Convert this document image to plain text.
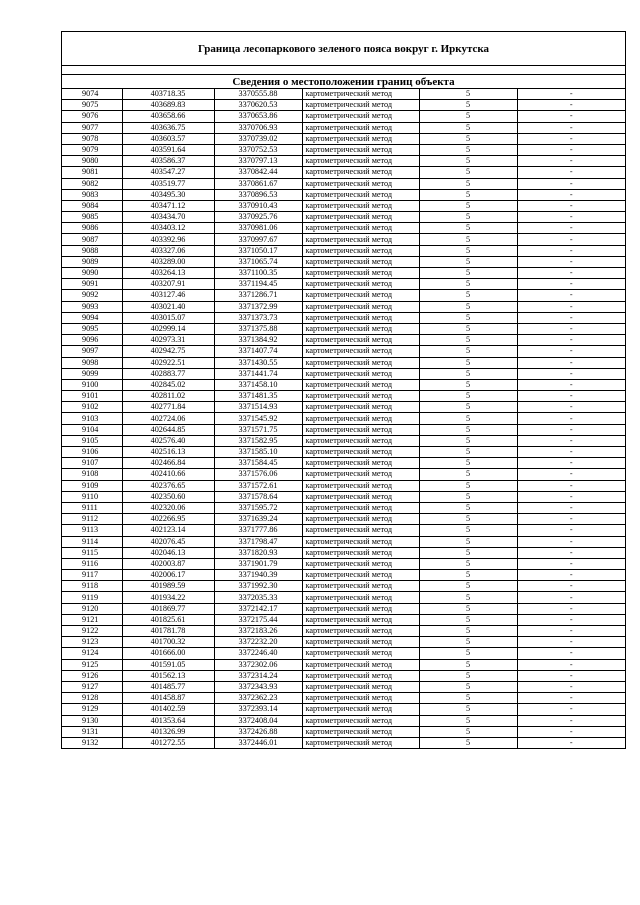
Граница лесопаркового зеленого пояса вокруг г. Иркутска
Сведения о местоположении границ объекта
9074	403718.35	3370555.88	картометрический метод	5	-
9075	403689.83	3370620.53	картометрический метод	5	-
9076	403658.66	3370653.86	картометрический метод	5	-
9077	403636.75	3370706.93	картометрический метод	5	-
9078	403603.57	3370739.02	картометрический метод	5	-
9079	403591.64	3370752.53	картометрический метод	5	-
9080	403586.37	3370797.13	картометрический метод	5	-
9081	403547.27	3370842.44	картометрический метод	5	-
9082	403519.77	3370861.67	картометрический метод	5	-
9083	403495.30	3370896.53	картометрический метод	5	-
9084	403471.12	3370910.43	картометрический метод	5	-
9085	403434.70	3370925.76	картометрический метод	5	-
9086	403403.12	3370981.06	картометрический метод	5	-
9087	403392.96	3370997.67	картометрический метод	5	-
9088	403327.06	3371050.17	картометрический метод	5	-
9089	403289.00	3371065.74	картометрический метод	5	-
9090	403264.13	3371100.35	картометрический метод	5	-
9091	403207.91	3371194.45	картометрический метод	5	-
9092	403127.46	3371286.71	картометрический метод	5	-
9093	403021.40	3371372.99	картометрический метод	5	-
9094	403015.07	3371373.73	картометрический метод	5	-
9095	402999.14	3371375.88	картометрический метод	5	-
9096	402973.31	3371384.92	картометрический метод	5	-
9097	402942.75	3371407.74	картометрический метод	5	-
9098	402922.51	3371430.55	картометрический метод	5	-
9099	402883.77	3371441.74	картометрический метод	5	-
9100	402845.02	3371458.10	картометрический метод	5	-
9101	402811.02	3371481.35	картометрический метод	5	-
9102	402771.84	3371514.93	картометрический метод	5	-
9103	402724.06	3371545.92	картометрический метод	5	-
9104	402644.85	3371571.75	картометрический метод	5	-
9105	402576.40	3371582.95	картометрический метод	5	-
9106	402516.13	3371585.10	картометрический метод	5	-
9107	402466.84	3371584.45	картометрический метод	5	-
9108	402410.66	3371576.06	картометрический метод	5	-
9109	402376.65	3371572.61	картометрический метод	5	-
9110	402350.60	3371578.64	картометрический метод	5	-
9111	402320.06	3371595.72	картометрический метод	5	-
9112	402266.95	3371639.24	картометрический метод	5	-
9113	402123.14	3371777.86	картометрический метод	5	-
9114	402076.45	3371798.47	картометрический метод	5	-
9115	402046.13	3371820.93	картометрический метод	5	-
9116	402003.87	3371901.79	картометрический метод	5	-
9117	402006.17	3371940.39	картометрический метод	5	-
9118	401989.59	3371992.30	картометрический метод	5	-
9119	401934.22	3372035.33	картометрический метод	5	-
9120	401869.77	3372142.17	картометрический метод	5	-
9121	401825.61	3372175.44	картометрический метод	5	-
9122	401781.78	3372183.26	картометрический метод	5	-
9123	401700.32	3372232.20	картометрический метод	5	-
9124	401666.00	3372246.40	картометрический метод	5	-
9125	401591.05	3372302.06	картометрический метод	5	-
9126	401562.13	3372314.24	картометрический метод	5	-
9127	401485.77	3372343.93	картометрический метод	5	-
9128	401458.87	3372362.23	картометрический метод	5	-
9129	401402.59	3372393.14	картометрический метод	5	-
9130	401353.64	3372408.04	картометрический метод	5	-
9131	401326.99	3372426.88	картометрический метод	5	-
9132	401272.55	3372446.01	картометрический метод	5	-
